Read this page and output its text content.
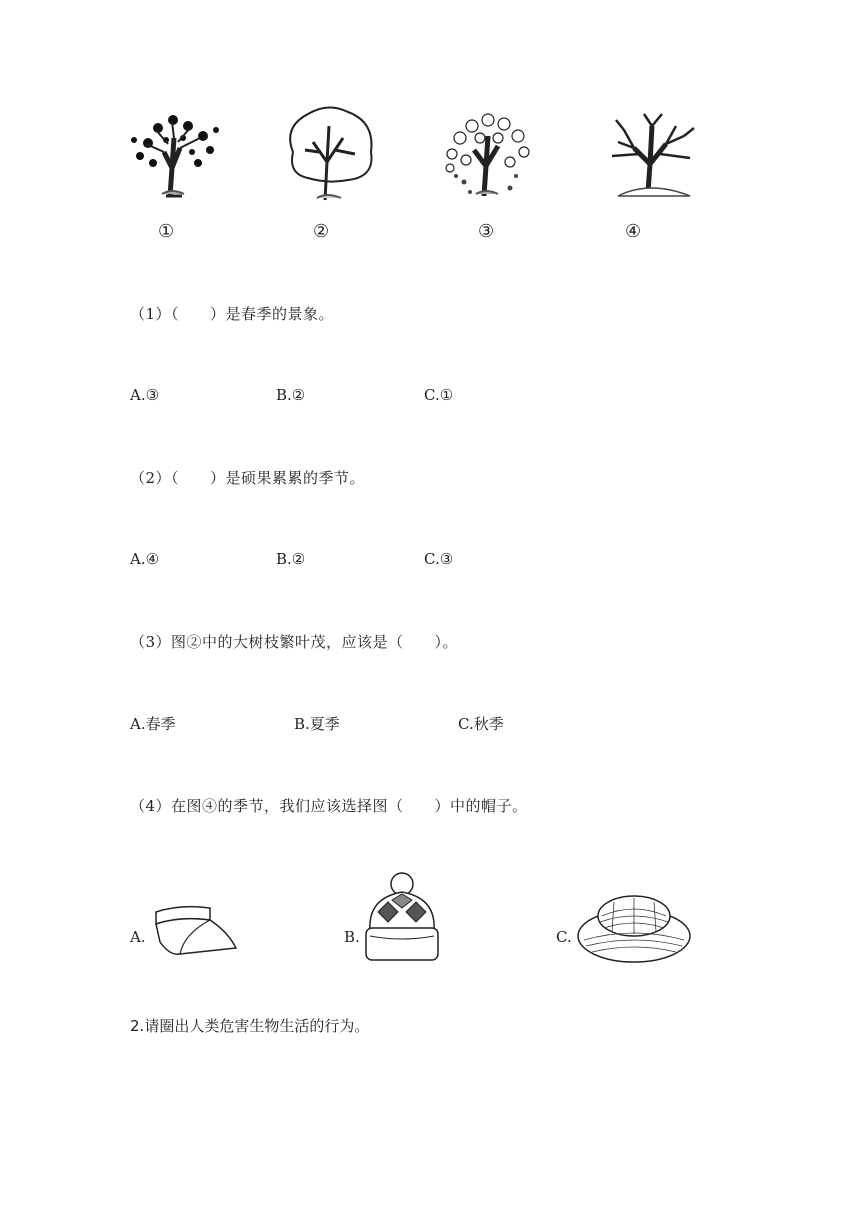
①	②	③	④
（1）（　　）是春季的景象。
A.③	B.②	C.①
（2）（　　）是硕果累累的季节。
A.④	B.②	C.③
（3）图②中的大树枝繁叶茂，应该是（　　）。
A.春季	B.夏季	C.秋季
（4）在图④的季节，我们应该选择图（　　）中的帽子。
A.	B.	C.
2.请圈出人类危害生物生活的行为。
